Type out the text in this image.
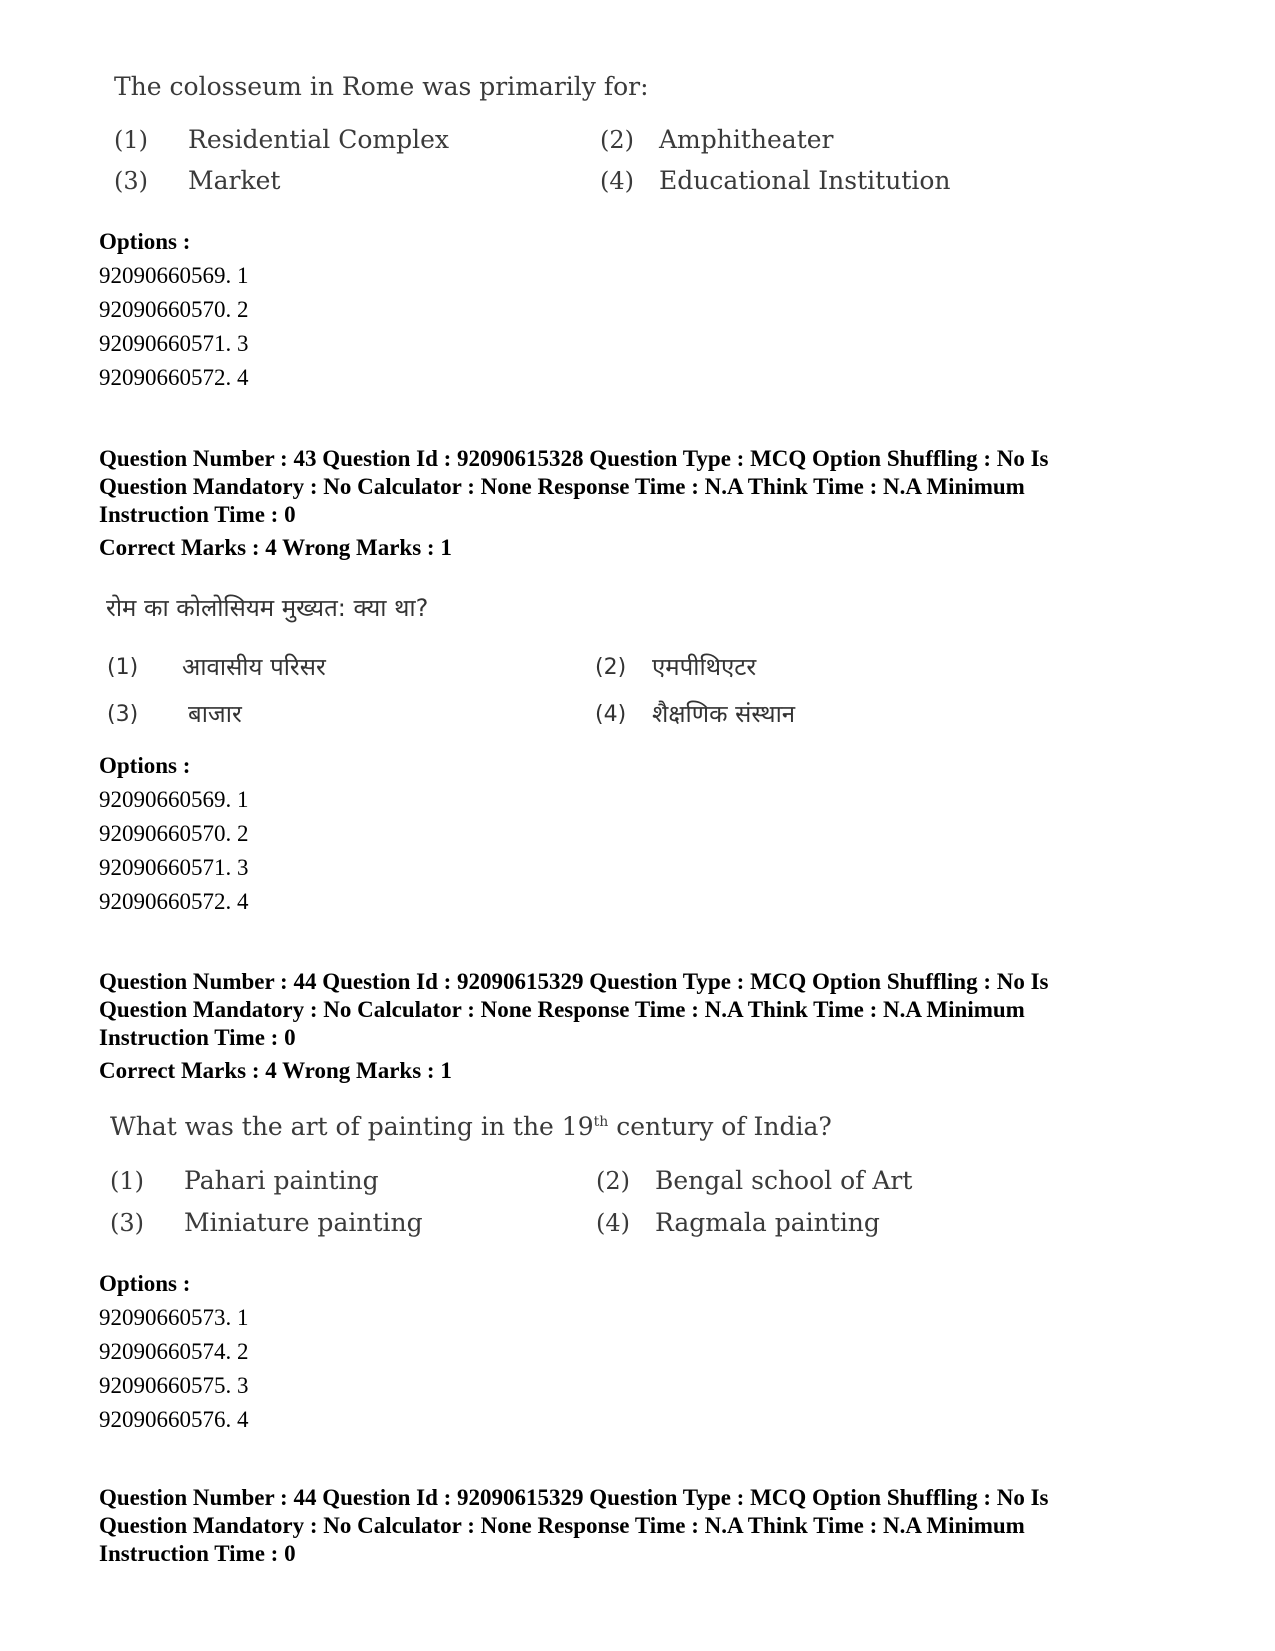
The colosseum in Rome was primarily for:
(1) Residential Complex	(2) Amphitheater
(3) Market	(4) Educational Institution
Options :
92090660569. 1
92090660570. 2
92090660571. 3
92090660572. 4
Question Number : 43 Question Id : 92090615328 Question Type : MCQ Option Shuffling : No Is
Question Mandatory : No Calculator : None Response Time : N.A Think Time : N.A Minimum
Instruction Time : 0
Correct Marks : 4 Wrong Marks : 1
रोम का कोलोसियम मुख्यत: क्या था?
(1) आवासीय परिसर	(2) एमपीथिएटर
(3) बाजार	(4) शैक्षणिक संस्थान
Options :
92090660569. 1
92090660570. 2
92090660571. 3
92090660572. 4
Question Number : 44 Question Id : 92090615329 Question Type : MCQ Option Shuffling : No Is
Question Mandatory : No Calculator : None Response Time : N.A Think Time : N.A Minimum
Instruction Time : 0
Correct Marks : 4 Wrong Marks : 1
What was the art of painting in the 19th century of India?
(1) Pahari painting	(2) Bengal school of Art
(3) Miniature painting	(4) Ragmala painting
Options :
92090660573. 1
92090660574. 2
92090660575. 3
92090660576. 4
Question Number : 44 Question Id : 92090615329 Question Type : MCQ Option Shuffling : No Is
Question Mandatory : No Calculator : None Response Time : N.A Think Time : N.A Minimum
Instruction Time : 0
